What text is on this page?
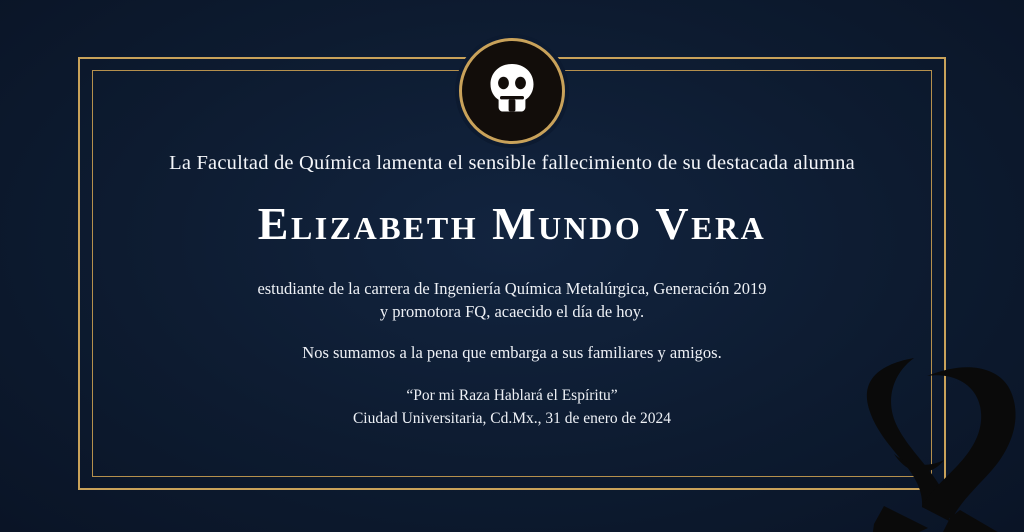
La Facultad de Química lamenta el sensible fallecimiento de su destacada alumna

Elizabeth Mundo Vera

estudiante de la carrera de Ingeniería Química Metalúrgica, Generación 2019
y promotora FQ, acaecido el día de hoy.

Nos sumamos a la pena que embarga a sus familiares y amigos.

“Por mi Raza Hablará el Espíritu”
Ciudad Universitaria, Cd.Mx., 31 de enero de 2024
